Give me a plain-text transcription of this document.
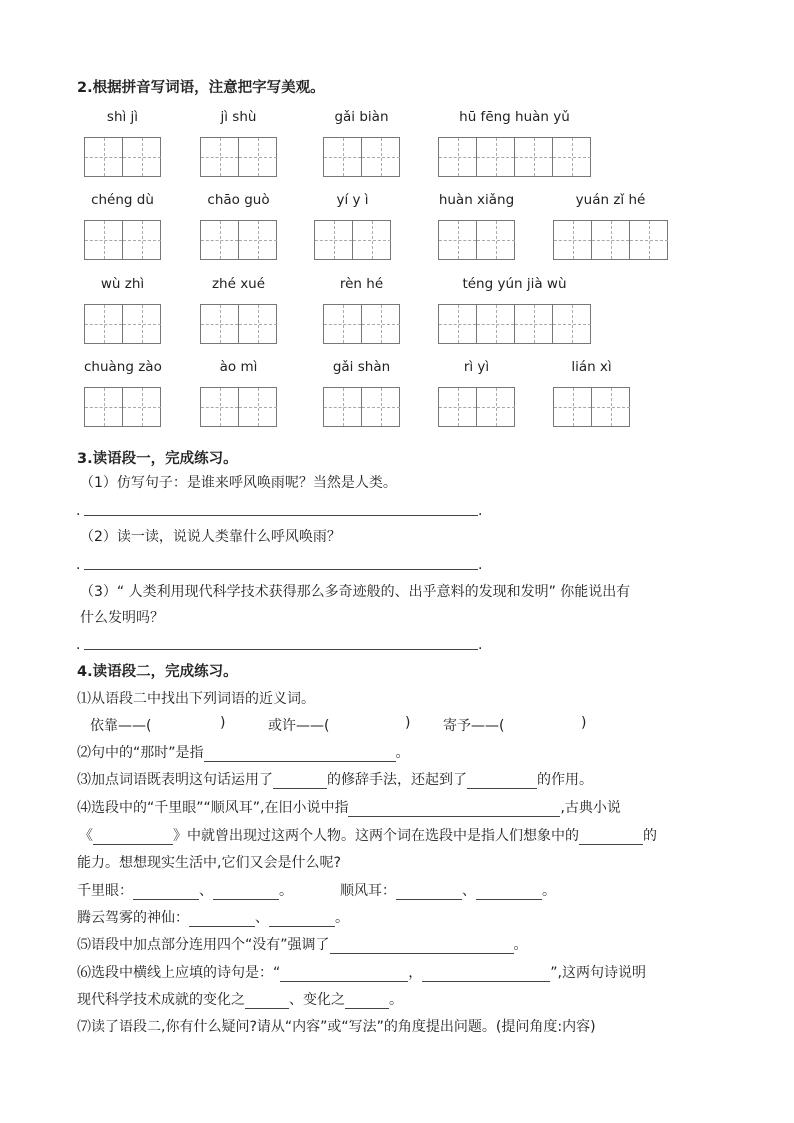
2.根据拼音写词语，注意把字写美观。
shì jì	jì shù	gǎi biàn	hū fēng huàn yǔ
chéng dù	chāo guò	yí y ì	huàn xiǎng	yuán zǐ hé
wù zhì	zhé xué	rèn hé	téng yún jià wù
chuàng zào	ào mì	gǎi shàn	rì yì	lián xì
3.读语段一，完成练习。
（1）仿写句子：是谁来呼风唤雨呢？当然是人类。
.	.
（2）读一读，说说人类靠什么呼风唤雨？
.	.
（3）“ 人类利用现代科学技术获得那么多奇迹般的、出乎意料的发现和发明” 你能说出有
什么发明吗？
.	.
4.读语段二，完成练习。
⑴从语段二中找出下列词语的近义词。
依靠——(	)	或许——(	) 寄予——(	)
⑵句中的“那时”是指	。
⑶加点词语既表明这句话运用了	的修辞手法，还起到了	的作用。
⑷选段中的“千里眼”“顺风耳”,在旧小说中指	,古典小说
《	》中就曾出现过这两个人物。这两个词在选段中是指人们想象中的	的
能力。想想现实生活中,它们又会是什么呢?
千里眼：	、	。	顺风耳：	、	。
腾云驾雾的神仙：	、	。
⑸语段中加点部分连用四个“没有”强调了	。
⑹选段中横线上应填的诗句是：“	，	”,这两句诗说明
现代科学技术成就的变化之	、变化之	。
⑺读了语段二,你有什么疑问?请从“内容”或“写法”的角度提出问题。(提问角度:内容)
